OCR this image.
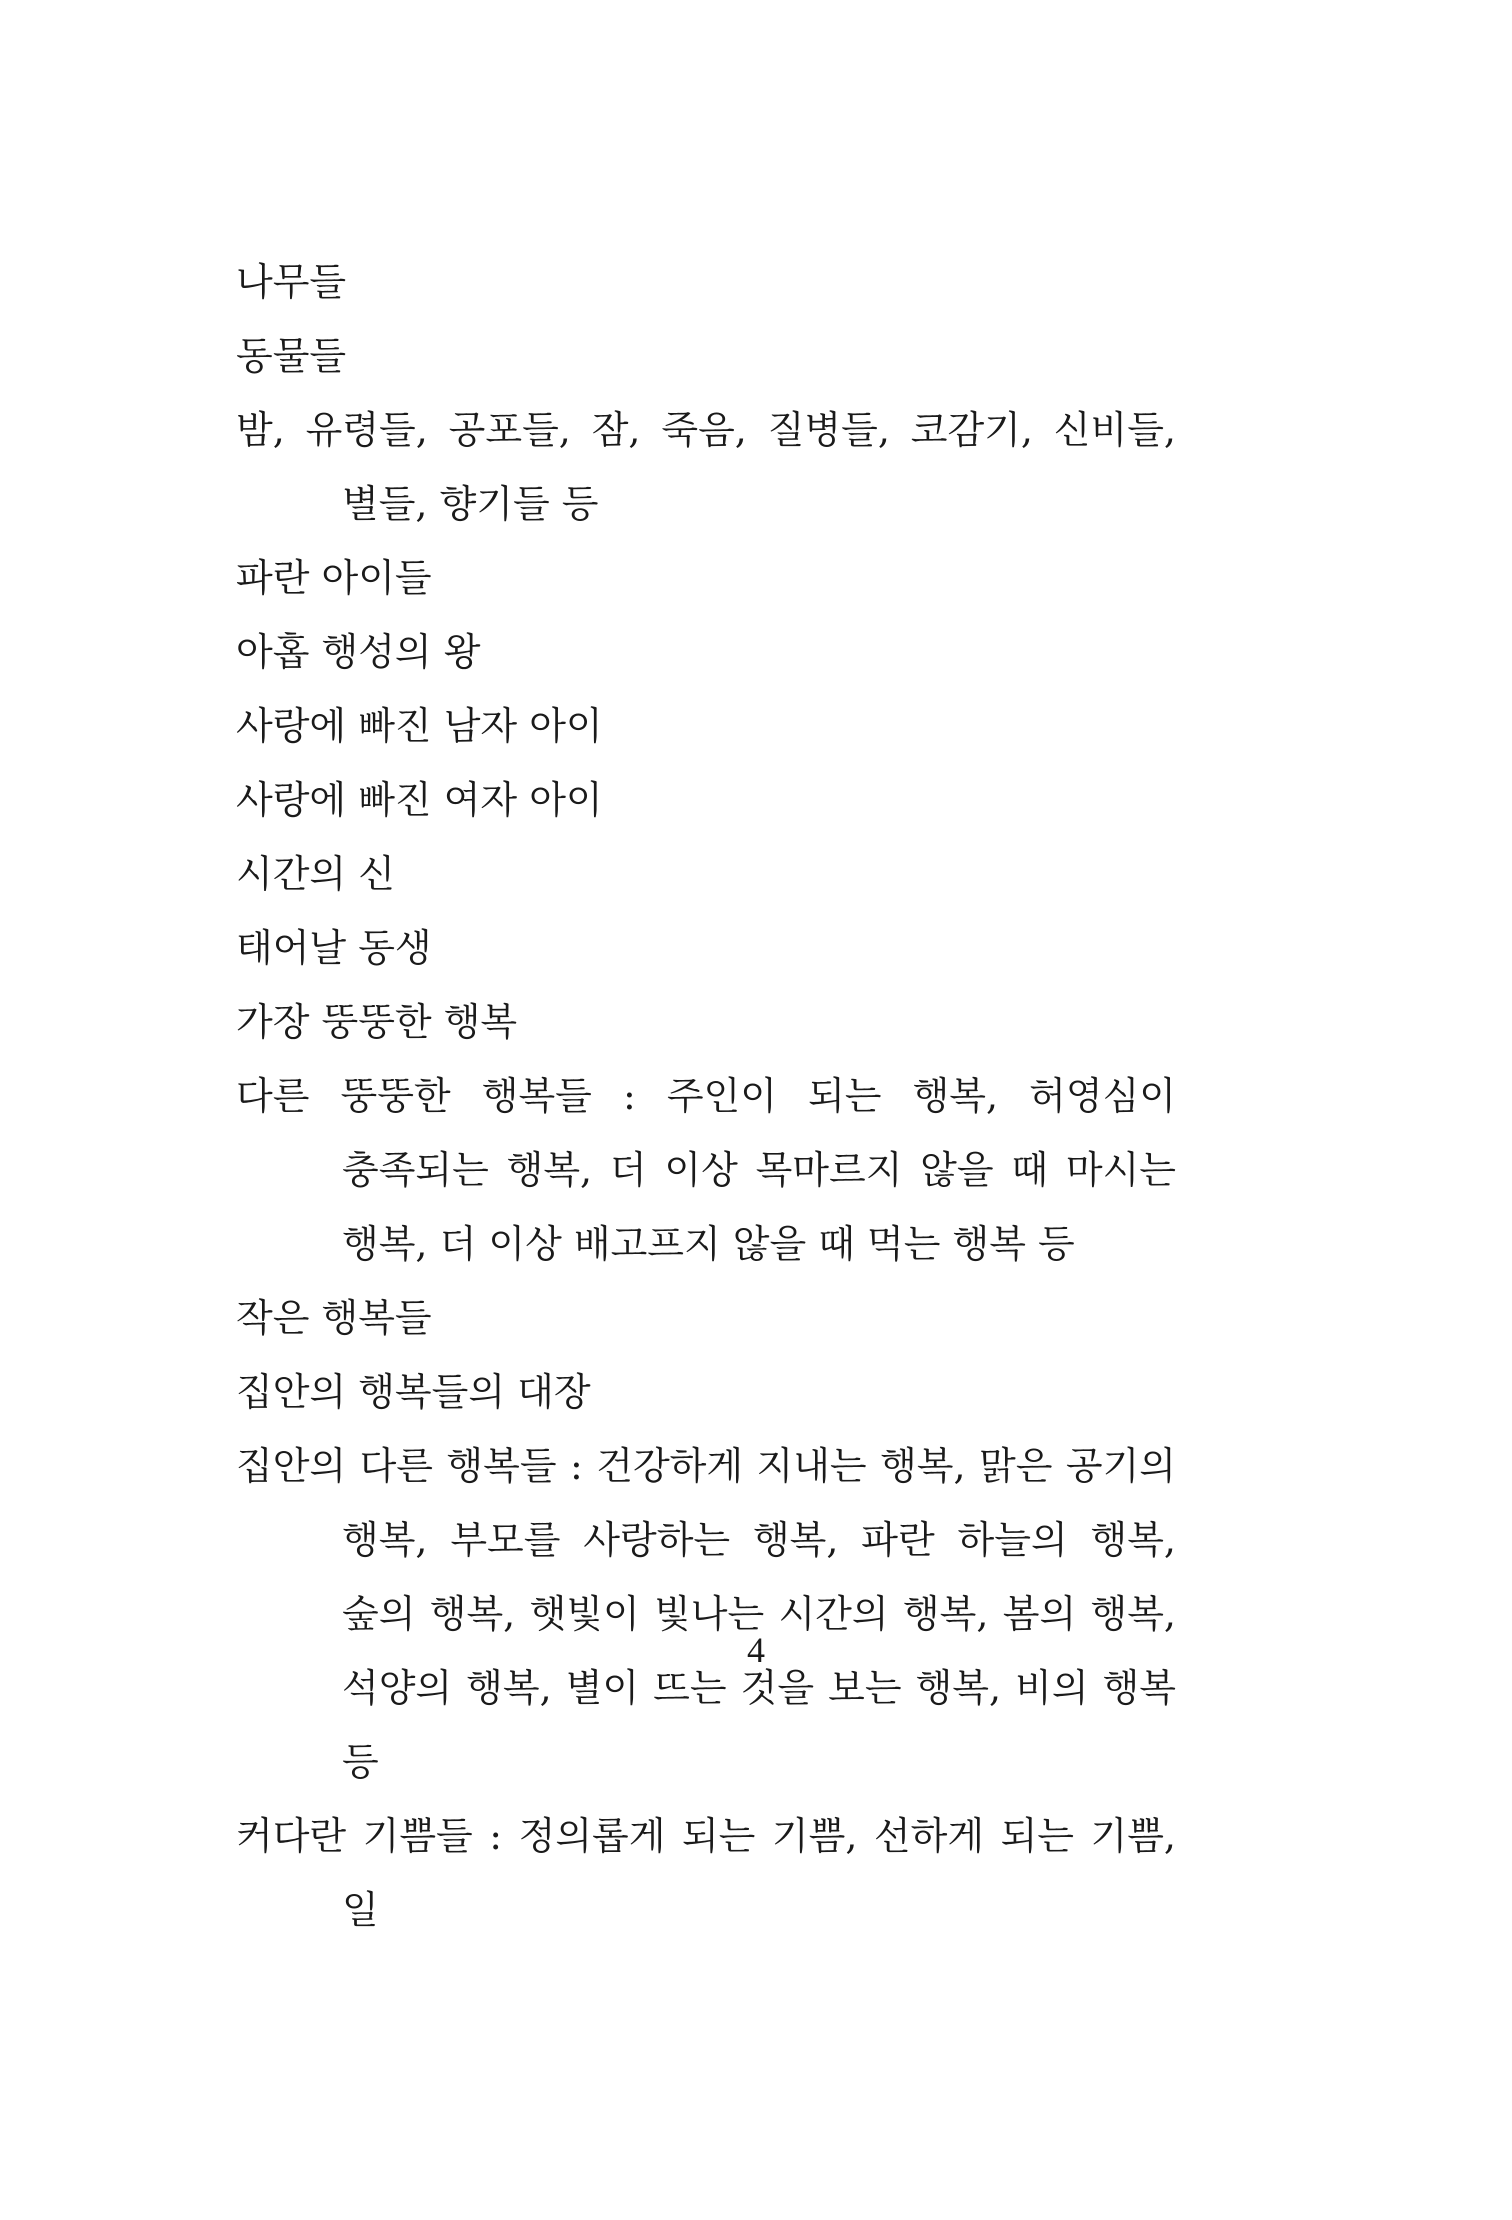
나무들

동물들

밤, 유령들, 공포들, 잠, 죽음, 질병들, 코감기, 신비들, 별들, 향기들 등

파란 아이들

아홉 행성의 왕

사랑에 빠진 남자 아이

사랑에 빠진 여자 아이

시간의 신

태어날 동생

가장 뚱뚱한 행복

다른 뚱뚱한 행복들 : 주인이 되는 행복, 허영심이 충족되는 행복, 더 이상 목마르지 않을 때 마시는 행복, 더 이상 배고프지 않을 때 먹는 행복 등

작은 행복들

집안의 행복들의 대장

집안의 다른 행복들 : 건강하게 지내는 행복, 맑은 공기의 행복, 부모를 사랑하는 행복, 파란 하늘의 행복, 숲의 행복, 햇빛이 빛나는 시간의 행복, 봄의 행복, 석양의 행복, 별이 뜨는 것을 보는 행복, 비의 행복 등

커다란 기쁨들 : 정의롭게 되는 기쁨, 선하게 되는 기쁨, 일

4
